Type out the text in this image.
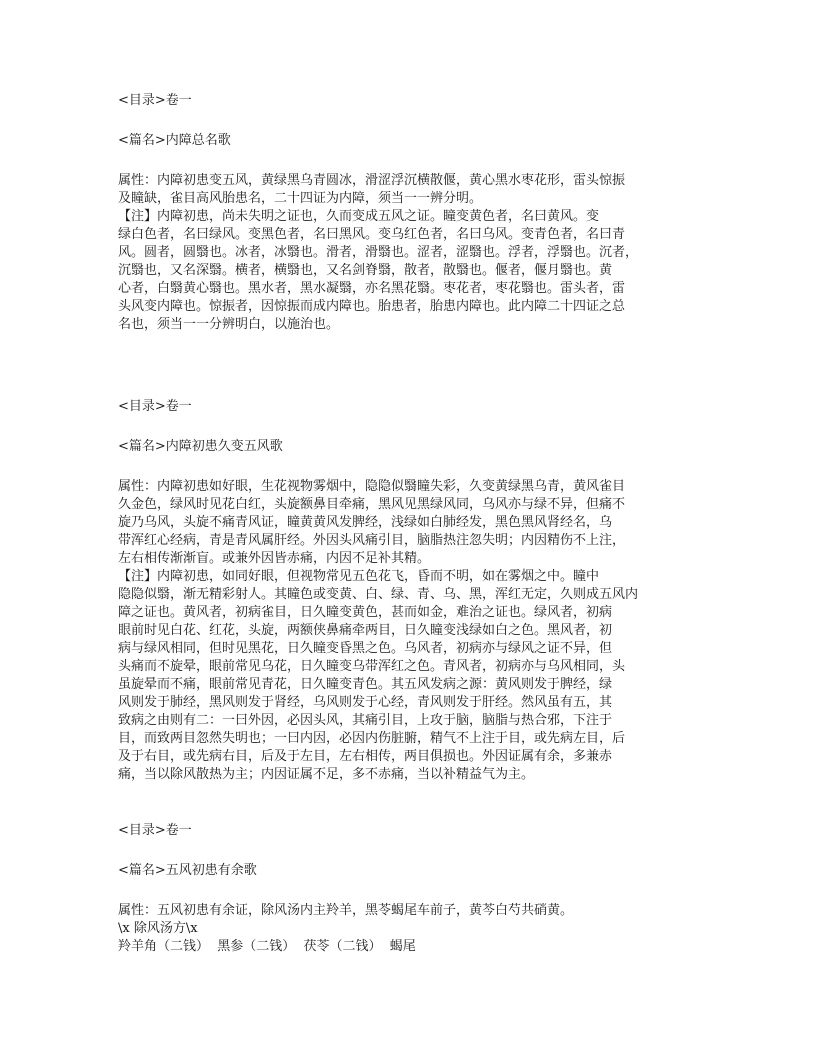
<目录>卷一

<篇名>内障总名歌

属性：内障初患变五风，黄绿黑乌青圆冰，滑涩浮沉横散偃，黄心黑水枣花形，雷头惊振

及瞳缺，雀目高风胎患名，二十四证为内障，须当一一辨分明。

【注】内障初患，尚未失明之证也，久而变成五风之证。瞳变黄色者，名曰黄风。变

绿白色者，名曰绿风。变黑色者，名曰黑风。变乌红色者，名曰乌风。变青色者，名曰青

风。圆者，圆翳也。冰者，冰翳也。滑者，滑翳也。涩者，涩翳也。浮者，浮翳也。沉者，

沉翳也，又名深翳。横者，横翳也，又名剑脊翳，散者，散翳也。偃者，偃月翳也。黄

心者，白翳黄心翳也。黑水者，黑水凝翳，亦名黑花翳。枣花者，枣花翳也。雷头者，雷

头风变内障也。惊振者，因惊振而成内障也。胎患者，胎患内障也。此内障二十四证之总

名也，须当一一分辨明白，以施治也。

<目录>卷一

<篇名>内障初患久变五风歌

属性：内障初患如好眼，生花视物雾烟中，隐隐似翳瞳失彩，久变黄绿黑乌青，黄风雀目

久金色，绿风时见花白红，头旋额鼻目牵痛，黑风见黑绿风同，乌风亦与绿不异，但痛不

旋乃乌风，头旋不痛青风证，瞳黄黄风发脾经，浅绿如白肺经发，黑色黑风肾经名，乌

带浑红心经病，青是青风属肝经。外因头风痛引目，脑脂热注忽失明；内因精伤不上注，

左右相传渐渐盲。或兼外因皆赤痛，内因不足补其精。

【注】内障初患，如同好眼，但视物常见五色花飞，昏而不明，如在雾烟之中。瞳中

隐隐似翳，渐无精彩射人。其瞳色或变黄、白、绿、青、乌、黑，浑红无定，久则成五风内

障之证也。黄风者，初病雀目，日久瞳变黄色，甚而如金，难治之证也。绿风者，初病

眼前时见白花、红花，头旋，两额侠鼻痛牵两目，日久瞳变浅绿如白之色。黑风者，初

病与绿风相同，但时见黑花，日久瞳变昏黑之色。乌风者，初病亦与绿风之证不异，但

头痛而不旋晕，眼前常见乌花，日久瞳变乌带浑红之色。青风者，初病亦与乌风相同，头

虽旋晕而不痛，眼前常见青花，日久瞳变青色。其五风发病之源：黄风则发于脾经，绿

风则发于肺经，黑风则发于肾经，乌风则发于心经，青风则发于肝经。然风虽有五，其

致病之由则有二：一曰外因，必因头风，其痛引目，上攻于脑，脑脂与热合邪，下注于

目，而致两目忽然失明也；一曰内因，必因内伤脏腑，精气不上注于目，或先病左目，后

及于右目，或先病右目，后及于左目，左右相传，两目俱损也。外因证属有余，多兼赤

痛，当以除风散热为主；内因证属不足，多不赤痛，当以补精益气为主。

<目录>卷一

<篇名>五风初患有余歌

属性：五风初患有余证，除风汤内主羚羊，黑苓蝎尾车前子，黄芩白芍共硝黄。

\x 除风汤方\x

羚羊角（二钱）  黑参（二钱）  茯苓（二钱）  蝎尾
